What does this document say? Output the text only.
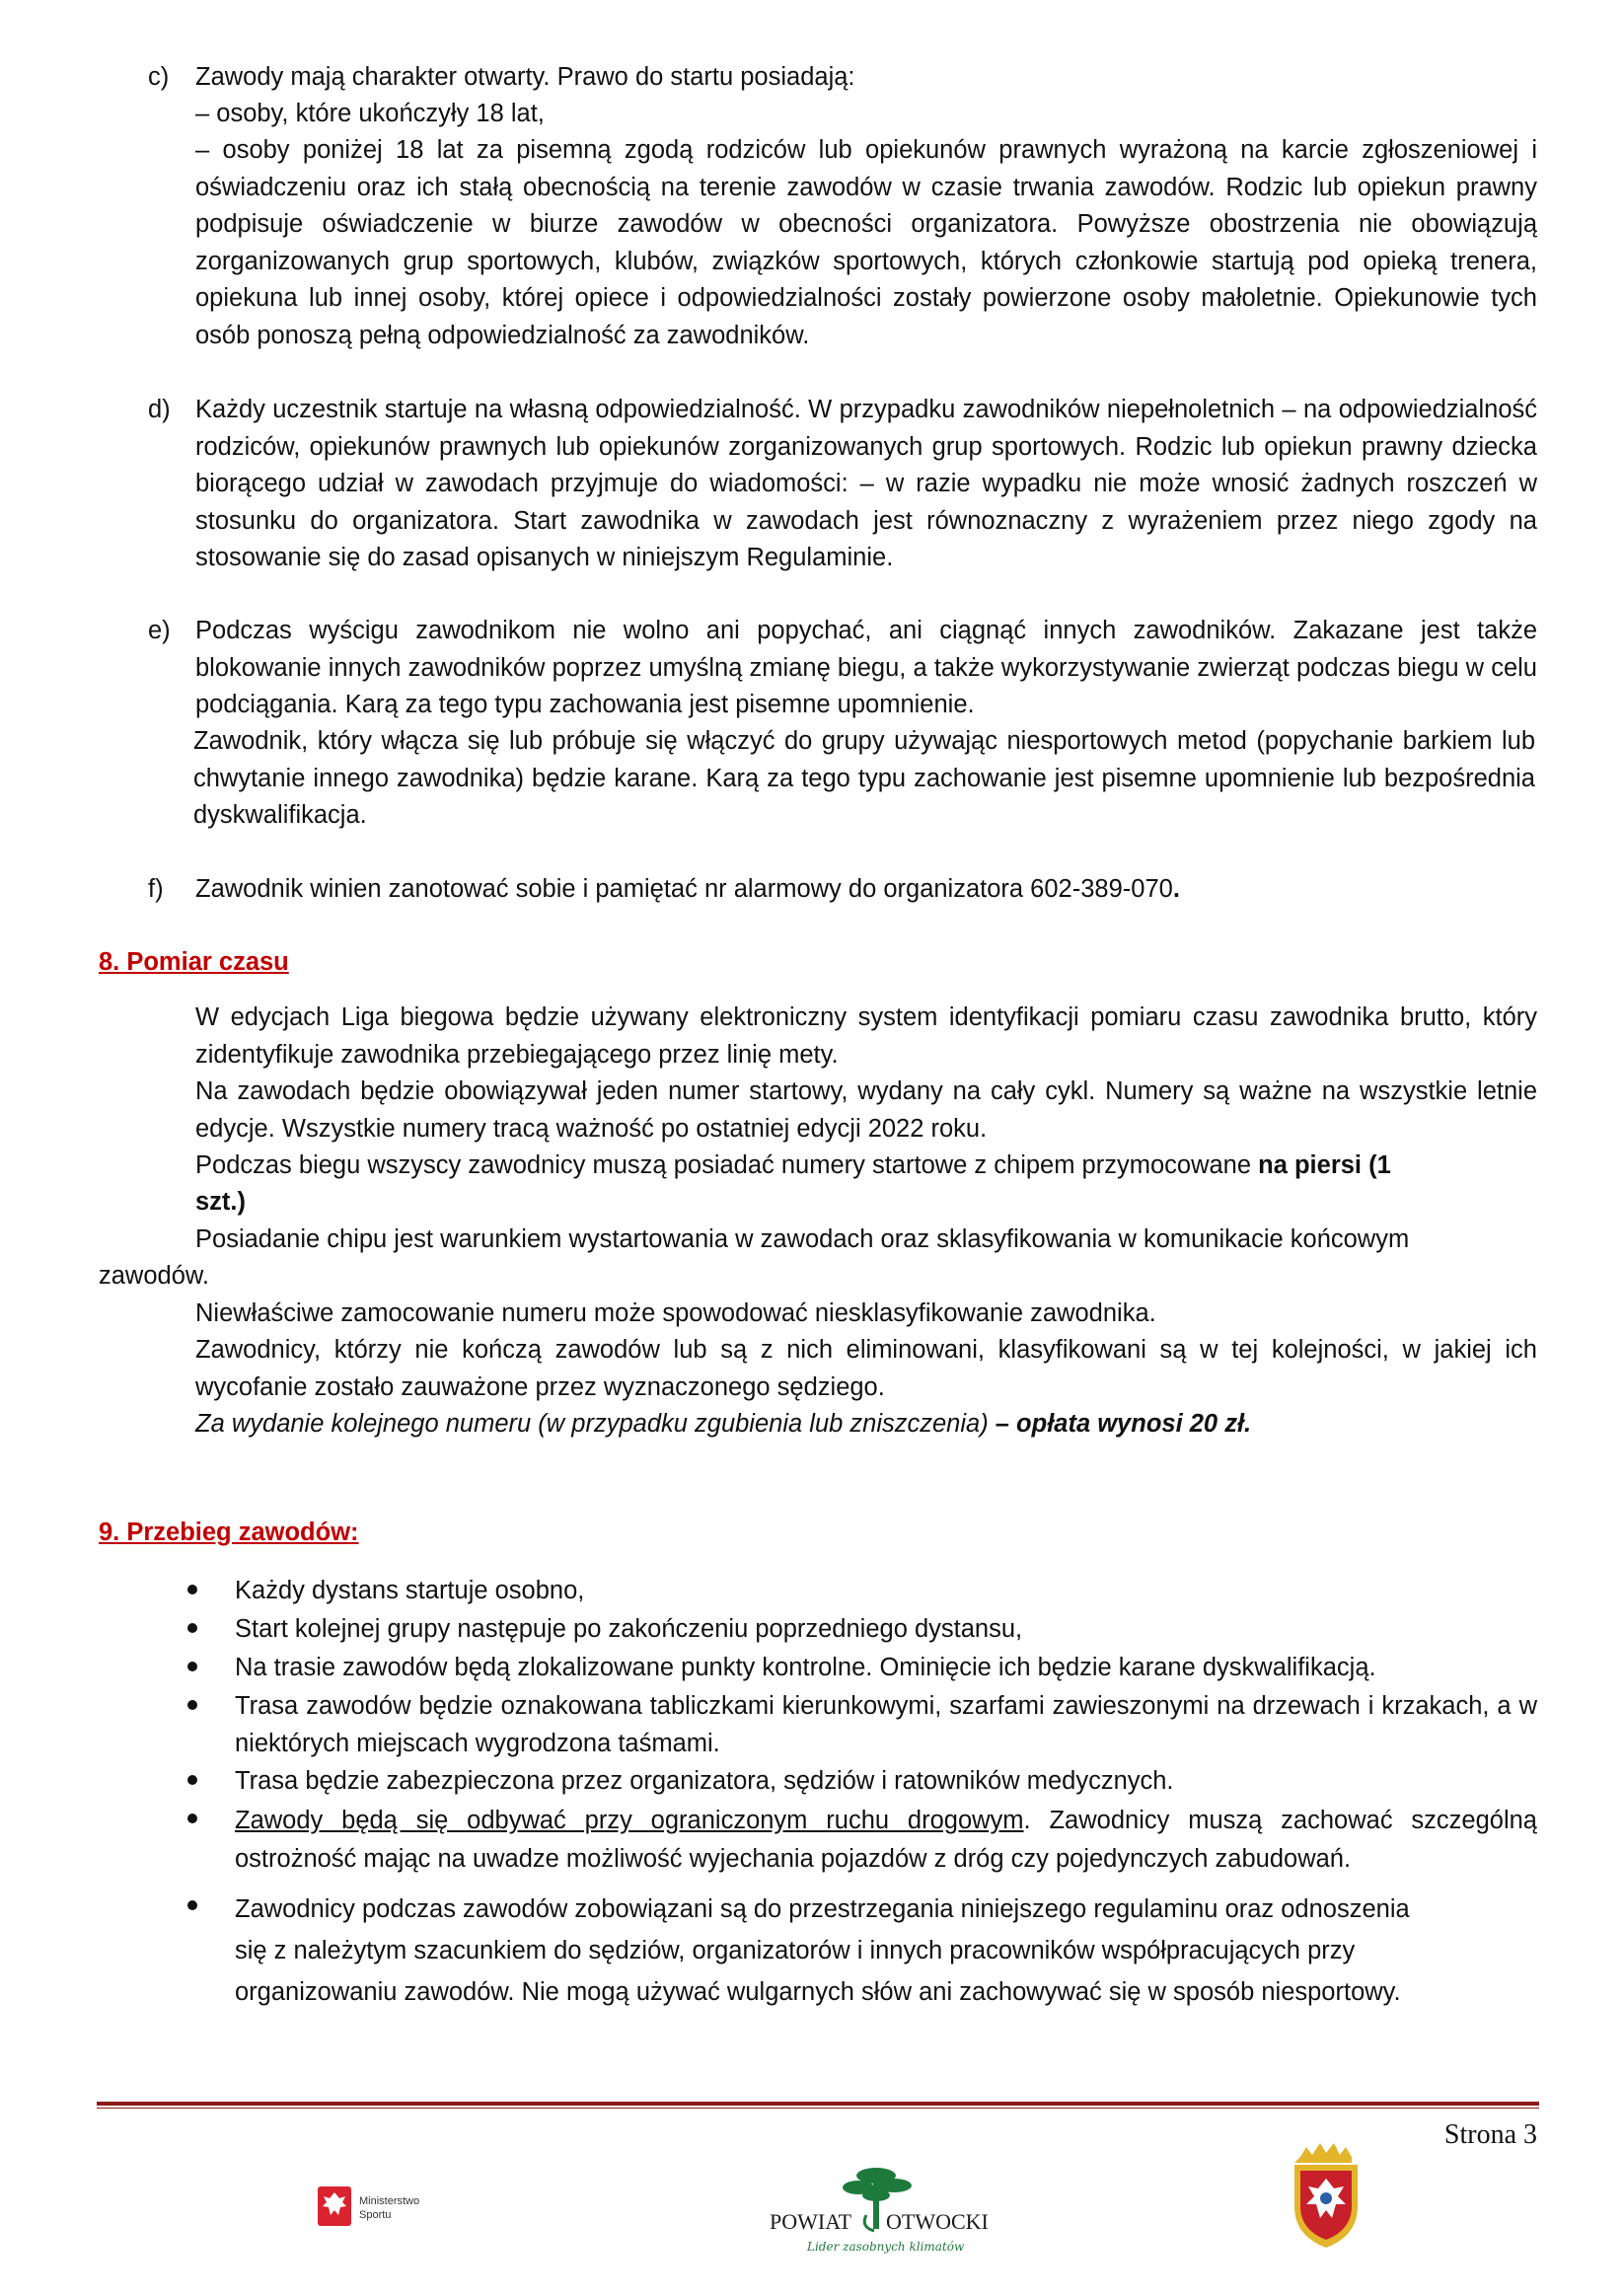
c) Zawody mają charakter otwarty. Prawo do startu posiadają:
– osoby, które ukończyły 18 lat,
– osoby poniżej 18 lat za pisemną zgodą rodziców lub opiekunów prawnych wyrażoną na karcie zgłoszeniowej i oświadczeniu oraz ich stałą obecnością na terenie zawodów w czasie trwania zawodów. Rodzic lub opiekun prawny podpisuje oświadczenie w biurze zawodów w obecności organizatora. Powyższe obostrzenia nie obowiązują zorganizowanych grup sportowych, klubów, związków sportowych, których członkowie startują pod opieką trenera, opiekuna lub innej osoby, której opiece i odpowiedzialności zostały powierzone osoby małoletnie. Opiekunowie tych osób ponoszą pełną odpowiedzialność za zawodników.
d) Każdy uczestnik startuje na własną odpowiedzialność. W przypadku zawodników niepełnoletnich – na odpowiedzialność rodziców, opiekunów prawnych lub opiekunów zorganizowanych grup sportowych. Rodzic lub opiekun prawny dziecka biorącego udział w zawodach przyjmuje do wiadomości: – w razie wypadku nie może wnosić żadnych roszczeń w stosunku do organizatora. Start zawodnika w zawodach jest równoznaczny z wyrażeniem przez niego zgody na stosowanie się do zasad opisanych w niniejszym Regulaminie.
e) Podczas wyścigu zawodnikom nie wolno ani popychać, ani ciągnąć innych zawodników. Zakazane jest także blokowanie innych zawodników poprzez umyślną zmianę biegu, a także wykorzystywanie zwierząt podczas biegu w celu podciągania. Karą za tego typu zachowania jest pisemne upomnienie.
Zawodnik, który włącza się lub próbuje się włączyć do grupy używając niesportowych metod (popychanie barkiem lub chwytanie innego zawodnika) będzie karane. Karą za tego typu zachowanie jest pisemne upomnienie lub bezpośrednia dyskwalifikacja.
f) Zawodnik winien zanotować sobie i pamiętać nr alarmowy do organizatora 602-389-070.
8. Pomiar czasu
W edycjach Liga biegowa będzie używany elektroniczny system identyfikacji pomiaru czasu zawodnika brutto, który zidentyfikuje zawodnika przebiegającego przez linię mety.
Na zawodach będzie obowiązywał jeden numer startowy, wydany na cały cykl. Numery są ważne na wszystkie letnie edycje. Wszystkie numery tracą ważność po ostatniej edycji 2022 roku.
Podczas biegu wszyscy zawodnicy muszą posiadać numery startowe z chipem przymocowane na piersi (1
szt.)
Posiadanie chipu jest warunkiem wystartowania w zawodach oraz sklasyfikowania w komunikacie końcowym
zawodów.
Niewłaściwe zamocowanie numeru może spowodować niesklasyfikowanie zawodnika.
Zawodnicy, którzy nie kończą zawodów lub są z nich eliminowani, klasyfikowani są w tej kolejności, w jakiej ich wycofanie zostało zauważone przez wyznaczonego sędziego.
Za wydanie kolejnego numeru (w przypadku zgubienia lub zniszczenia) – opłata wynosi 20 zł.
9. Przebieg zawodów:
Każdy dystans startuje osobno,
Start kolejnej grupy następuje po zakończeniu poprzedniego dystansu,
Na trasie zawodów będą zlokalizowane punkty kontrolne. Ominięcie ich będzie karane dyskwalifikacją.
Trasa zawodów będzie oznakowana tabliczkami kierunkowymi, szarfami zawieszonymi na drzewach i krzakach, a w niektórych miejscach wygrodzona taśmami.
Trasa będzie zabezpieczona przez organizatora, sędziów i ratowników medycznych.
Zawody będą się odbywać przy ograniczonym ruchu drogowym. Zawodnicy muszą zachować szczególną ostrożność mając na uwadze możliwość wyjechania pojazdów z dróg czy pojedynczych zabudowań.
Zawodnicy podczas zawodów zobowiązani są do przestrzegania niniejszego regulaminu oraz odnoszenia
się z należytym szacunkiem do sędziów, organizatorów i innych pracowników współpracujących przy
organizowaniu zawodów. Nie mogą używać wulgarnych słów ani zachowywać się w sposób niesportowy.
Strona 3
Ministerstwo
Sportu	POWIAT OTWOCKI
Lider zasobnych klimatów
